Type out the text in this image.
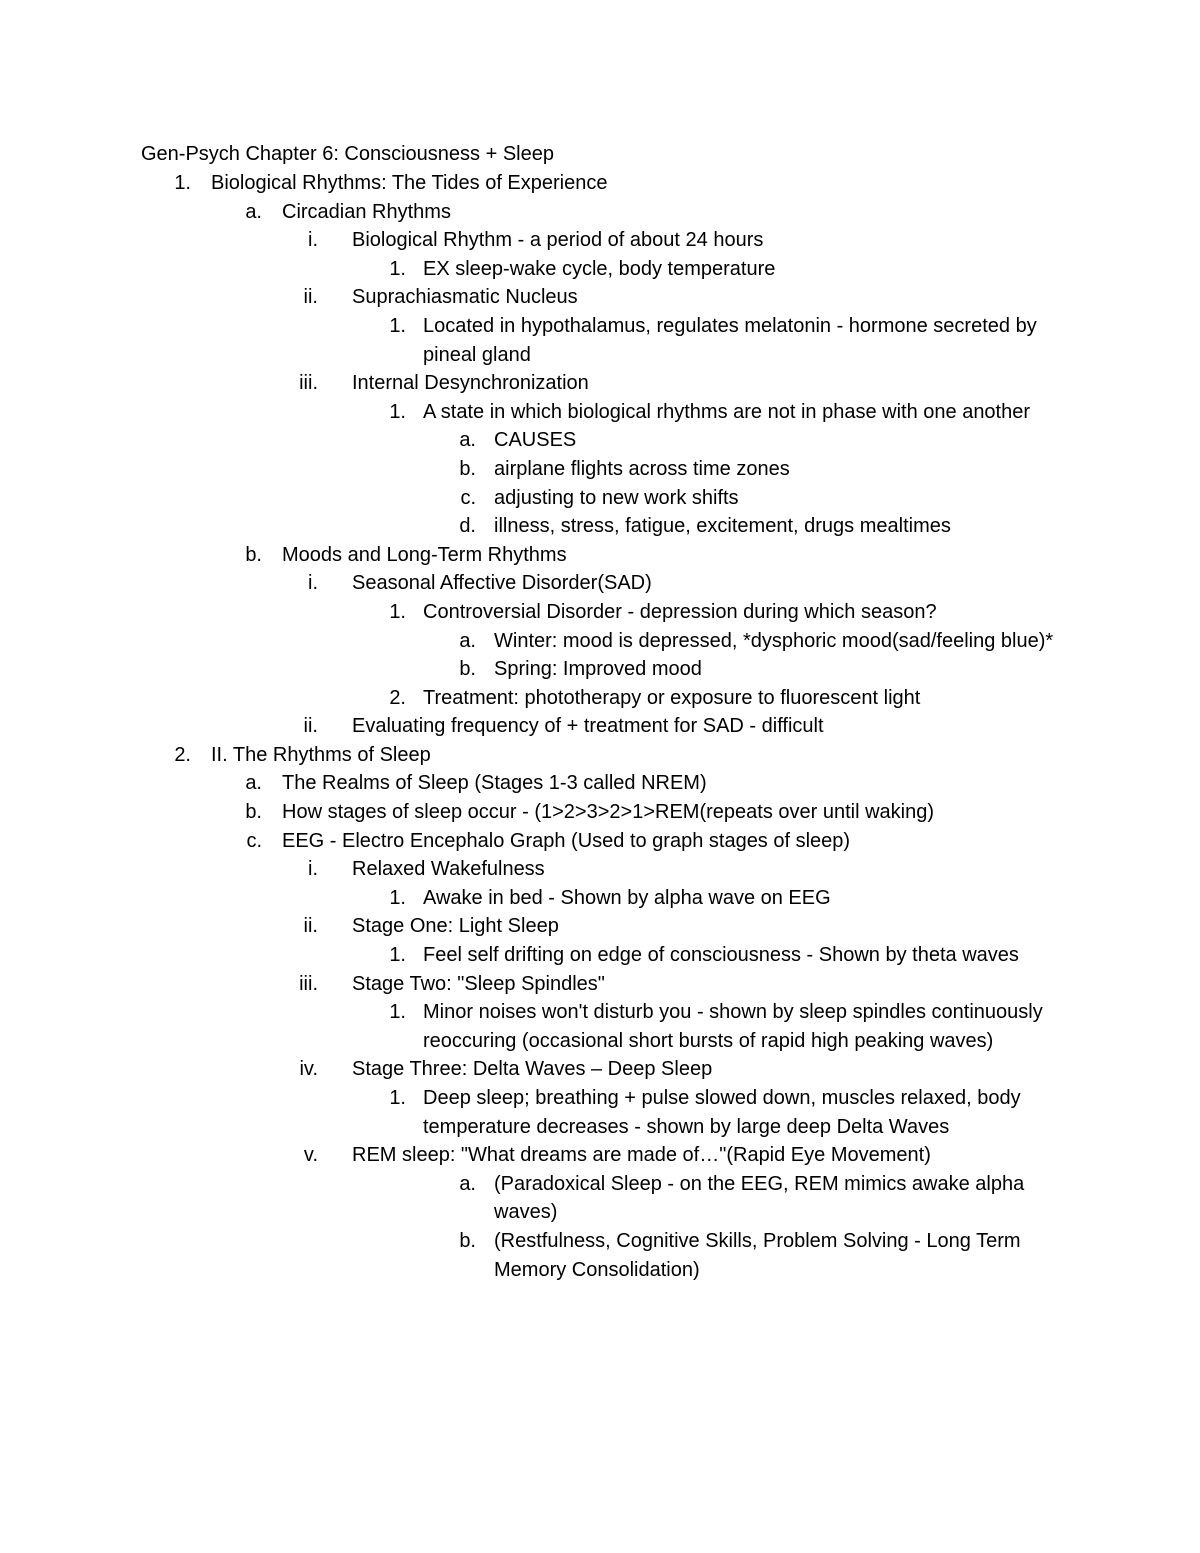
Gen-Psych Chapter 6: Consciousness + Sleep
1. Biological Rhythms: The Tides of Experience
a. Circadian Rhythms
i. Biological Rhythm - a period of about 24 hours
1. EX sleep-wake cycle, body temperature
ii. Suprachiasmatic Nucleus
1. Located in hypothalamus, regulates melatonin - hormone secreted by pineal gland
iii. Internal Desynchronization
1. A state in which biological rhythms are not in phase with one another
a. CAUSES
b. airplane flights across time zones
c. adjusting to new work shifts
d. illness, stress, fatigue, excitement, drugs mealtimes
b. Moods and Long-Term Rhythms
i. Seasonal Affective Disorder(SAD)
1. Controversial Disorder - depression during which season?
a. Winter: mood is depressed, *dysphoric mood(sad/feeling blue)*
b. Spring: Improved mood
2. Treatment: phototherapy or exposure to fluorescent light
ii. Evaluating frequency of + treatment for SAD - difficult
2. II. The Rhythms of Sleep
a. The Realms of Sleep (Stages 1-3 called NREM)
b. How stages of sleep occur - (1>2>3>2>1>REM(repeats over until waking)
c. EEG - Electro Encephalo Graph (Used to graph stages of sleep)
i. Relaxed Wakefulness
1. Awake in bed - Shown by alpha wave on EEG
ii. Stage One: Light Sleep
1. Feel self drifting on edge of consciousness - Shown by theta waves
iii. Stage Two: "Sleep Spindles"
1. Minor noises won't disturb you - shown by sleep spindles continuously reoccuring (occasional short bursts of rapid high peaking waves)
iv. Stage Three: Delta Waves – Deep Sleep
1. Deep sleep; breathing + pulse slowed down, muscles relaxed, body temperature decreases - shown by large deep Delta Waves
v. REM sleep: "What dreams are made of…"(Rapid Eye Movement)
a. (Paradoxical Sleep - on the EEG, REM mimics awake alpha waves)
b. (Restfulness, Cognitive Skills, Problem Solving - Long Term Memory Consolidation)
